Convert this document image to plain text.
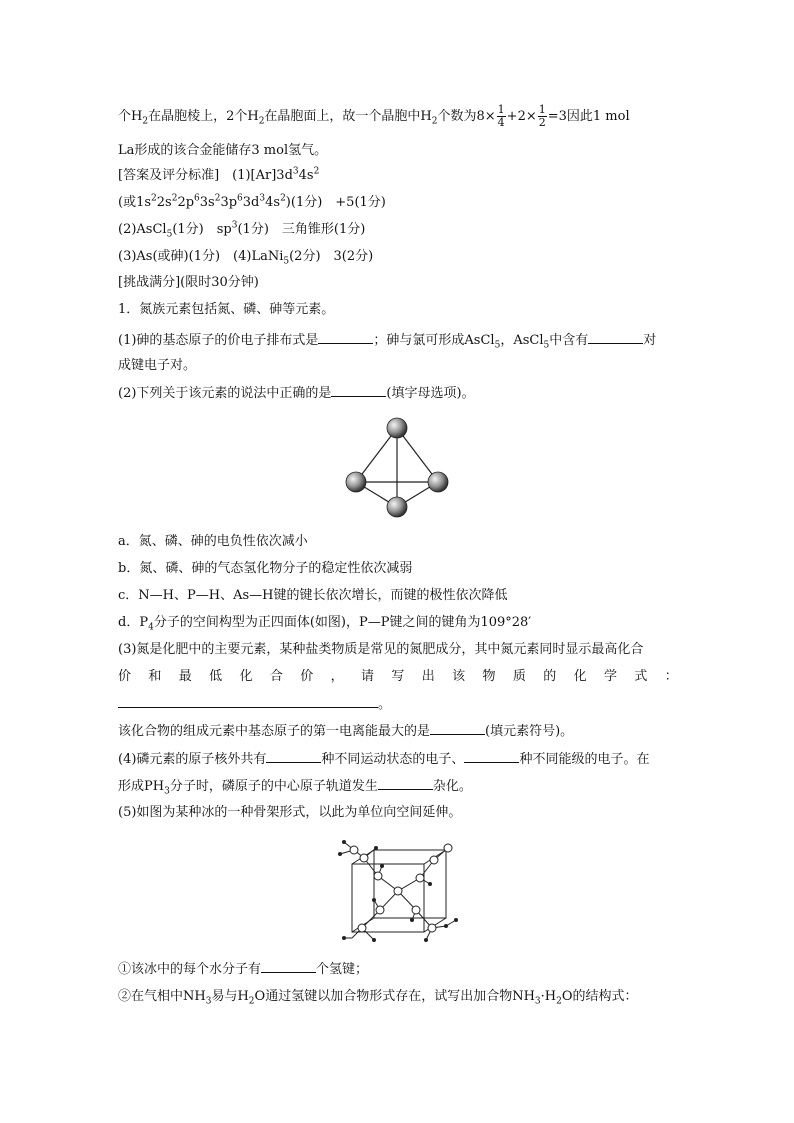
个$H_2$在晶胞棱上，2个$H_2$在晶胞面上，故一个晶胞中$H_2$个数为$8\times \frac{1}{4} +2\times \frac{1}{2} =3$因此1 mol
La形成的该合金能储存3 mol氢气。
[答案及评分标准]　$(1)[Ar]3d^34s^2$
(或$1s^22s^22p^63s^23p^63d^34s^2)(1$分)　+5(1分)
(2)AsCl$_5$(1分)　$sp^3(1$分)　三角锥形(1分)
(3)As(或砷)(1分)　(4)LaNi$_5$(2分)　3(2分)
[挑战满分](限时30分钟)
1．氮族元素包括氮、磷、砷等元素。
(1)砷的基态原子的价电子排布式是	；砷与氯可形成AsCl$_5$，AsCl$_5$中含有	对
成键电子对。
(2)下列关于该元素的说法中正确的是	(填字母选项)。
a．氮、磷、砷的电负性依次减小
b．氮、磷、砷的气态氢化物分子的稳定性依次减弱
c．N—H、P—H、As—H键的键长依次增长，而键的极性依次降低
d．$P_4$分子的空间构型为正四面体(如图)，P—P键之间的键角为109°28′
(3)氮是化肥中的主要元素，某种盐类物质是常见的氮肥成分，其中氮元素同时显示最高化合
价 和 最 低 化 合 价 ， 请 写 出 该 物 质 的 化 学 式 ：
。
该化合物的组成元素中基态原子的第一电离能最大的是	(填元素符号)。
(4)磷元素的原子核外共有	种不同运动状态的电子、	种不同能级的电子。在
形成$PH_3$分子时，磷原子的中心原子轨道发生	杂化。
(5)如图为某种冰的一种骨架形式，以此为单位向空间延伸。
①该冰中的每个水分子有	个氢键；
②在气相中$NH_3$易与$H_2O$通过氢键以加合物形式存在，试写出加合物$NH_3\cdot H_2O$的结构式：
